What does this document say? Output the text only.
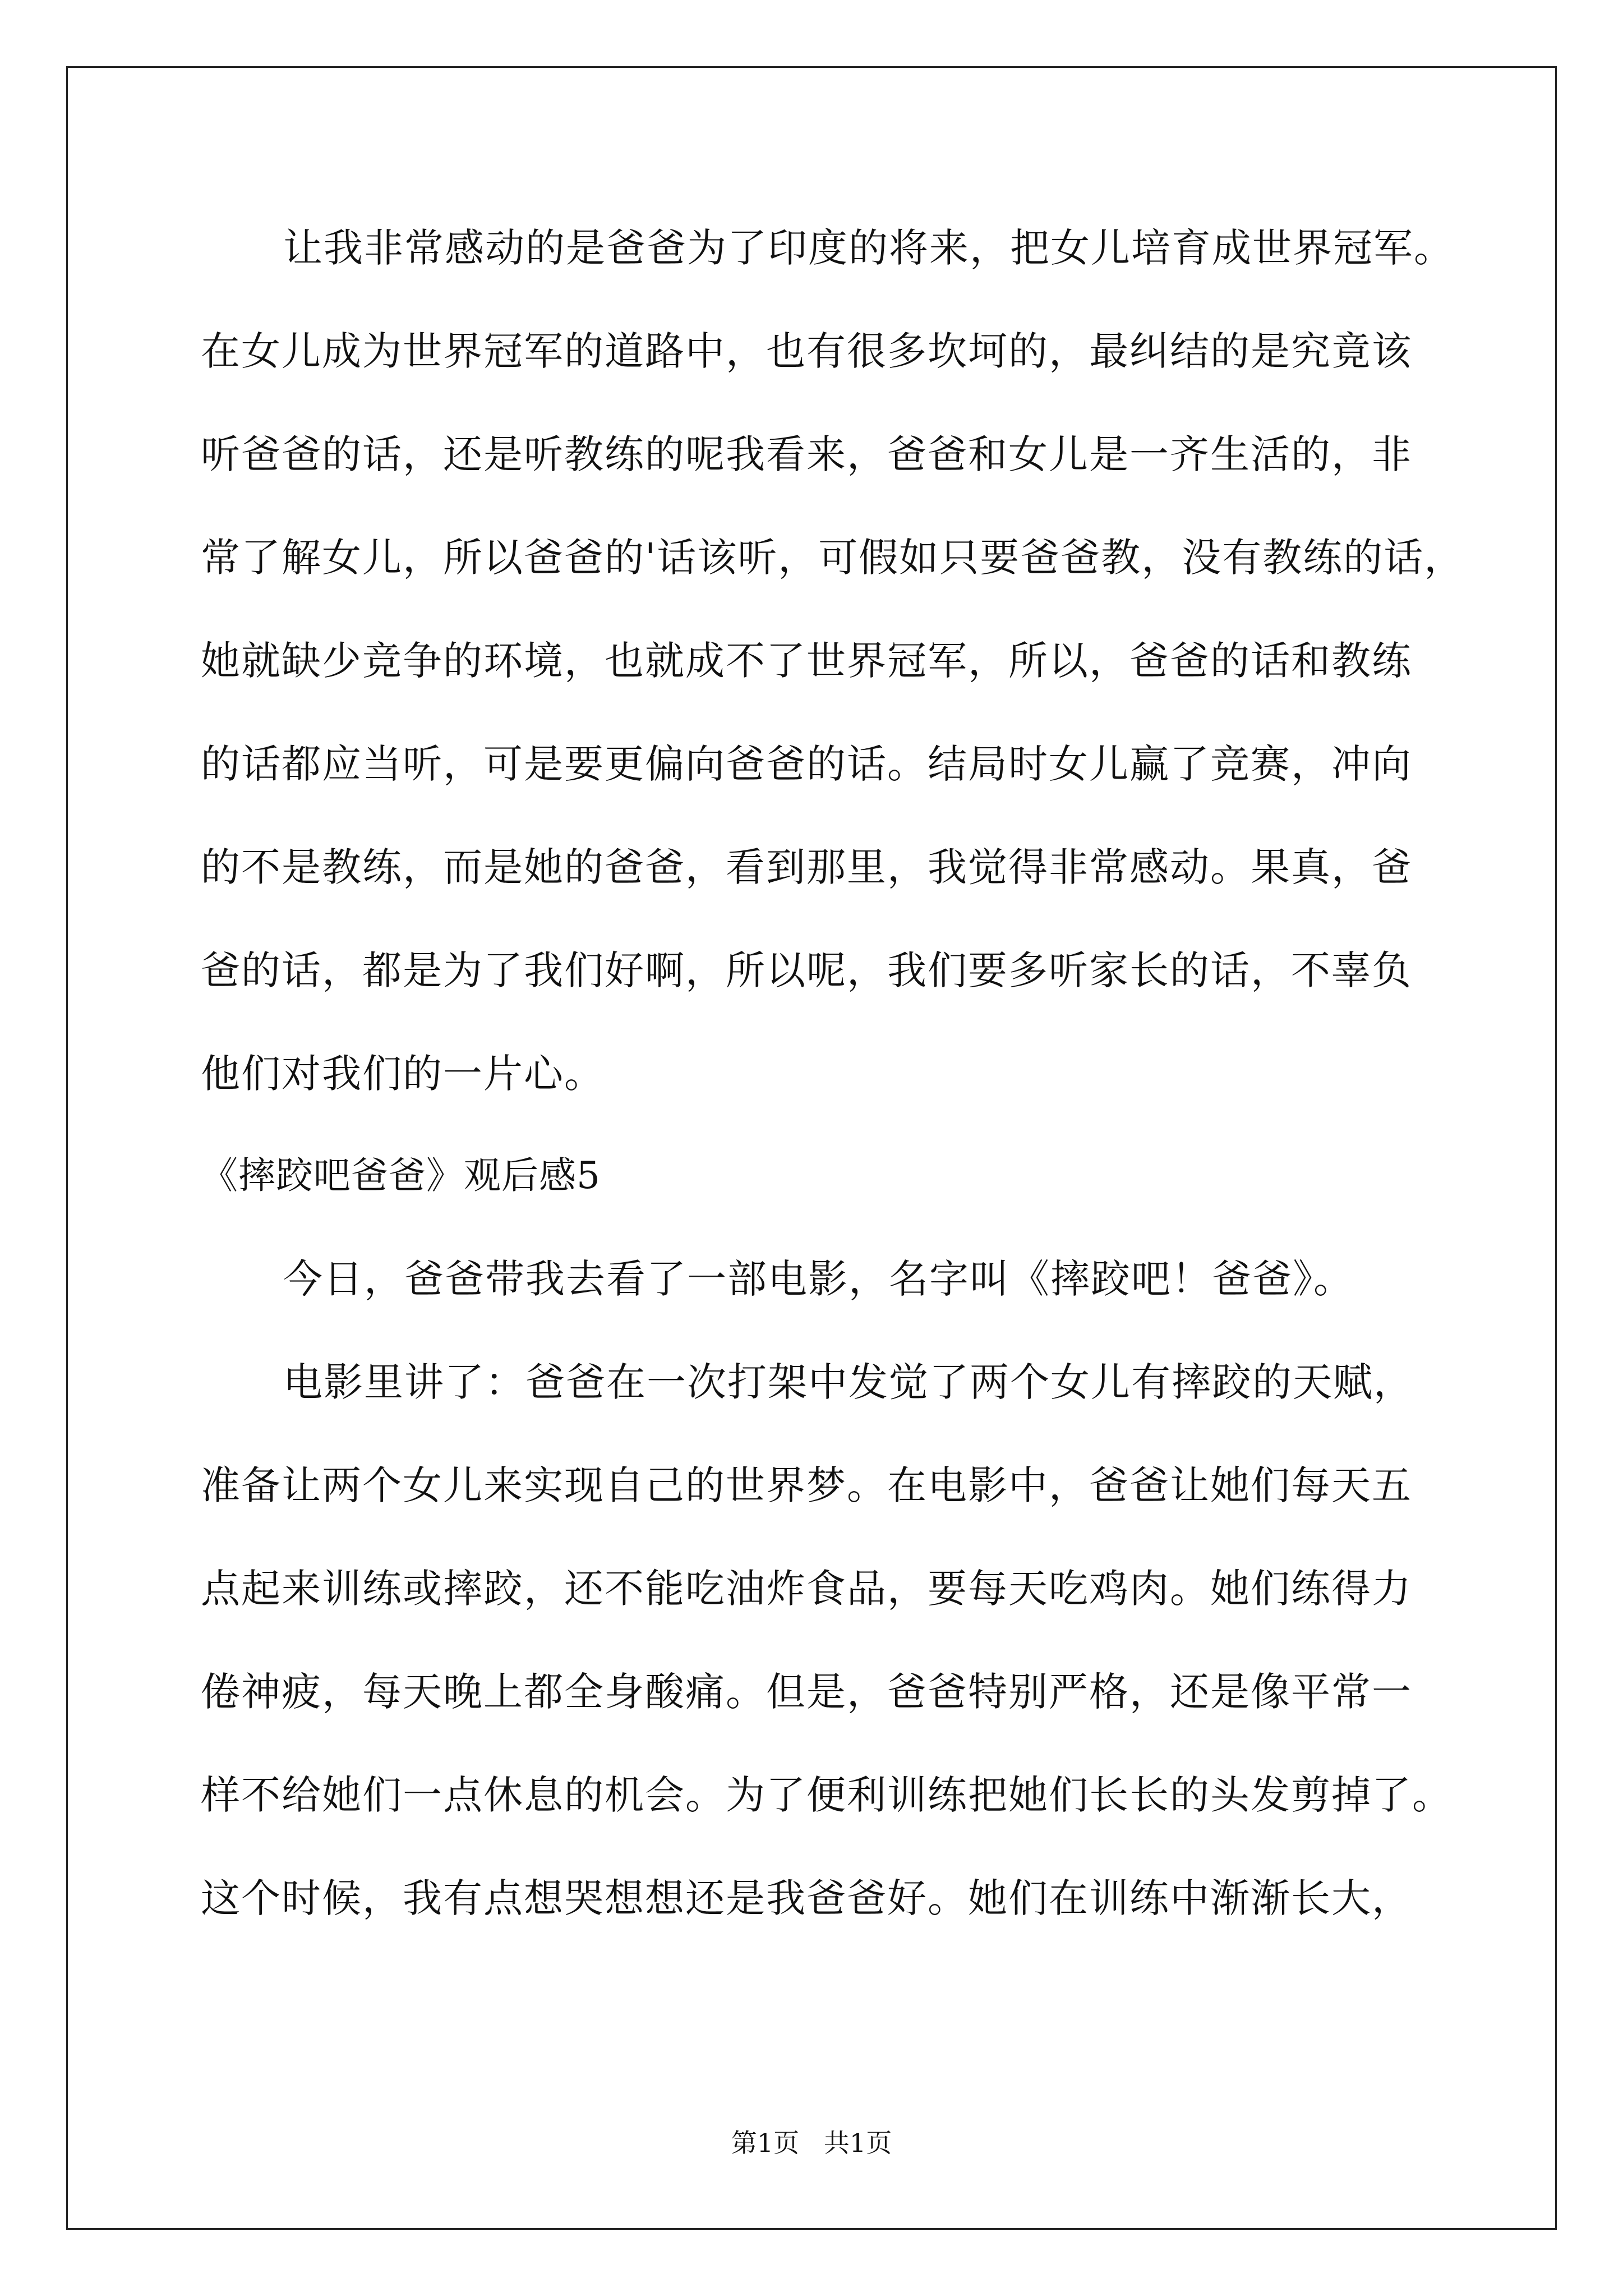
让我非常感动的是爸爸为了印度的将来，把女儿培育成世界冠军。
在女儿成为世界冠军的道路中，也有很多坎坷的，最纠结的是究竟该
听爸爸的话，还是听教练的呢我看来，爸爸和女儿是一齐生活的，非
常了解女儿，所以爸爸的'话该听，可假如只要爸爸教，没有教练的话，
她就缺少竞争的环境，也就成不了世界冠军，所以，爸爸的话和教练
的话都应当听，可是要更偏向爸爸的话。结局时女儿赢了竞赛，冲向
的不是教练，而是她的爸爸，看到那里，我觉得非常感动。果真，爸
爸的话，都是为了我们好啊，所以呢，我们要多听家长的话，不辜负
他们对我们的一片心。
《摔跤吧爸爸》观后感5
今日，爸爸带我去看了一部电影，名字叫《摔跤吧！爸爸》。
电影里讲了：爸爸在一次打架中发觉了两个女儿有摔跤的天赋，
准备让两个女儿来实现自己的世界梦。在电影中，爸爸让她们每天五
点起来训练或摔跤，还不能吃油炸食品，要每天吃鸡肉。她们练得力
倦神疲，每天晚上都全身酸痛。但是，爸爸特别严格，还是像平常一
样不给她们一点休息的机会。为了便利训练把她们长长的头发剪掉了。
这个时候，我有点想哭想想还是我爸爸好。她们在训练中渐渐长大，
第1页   共1页
